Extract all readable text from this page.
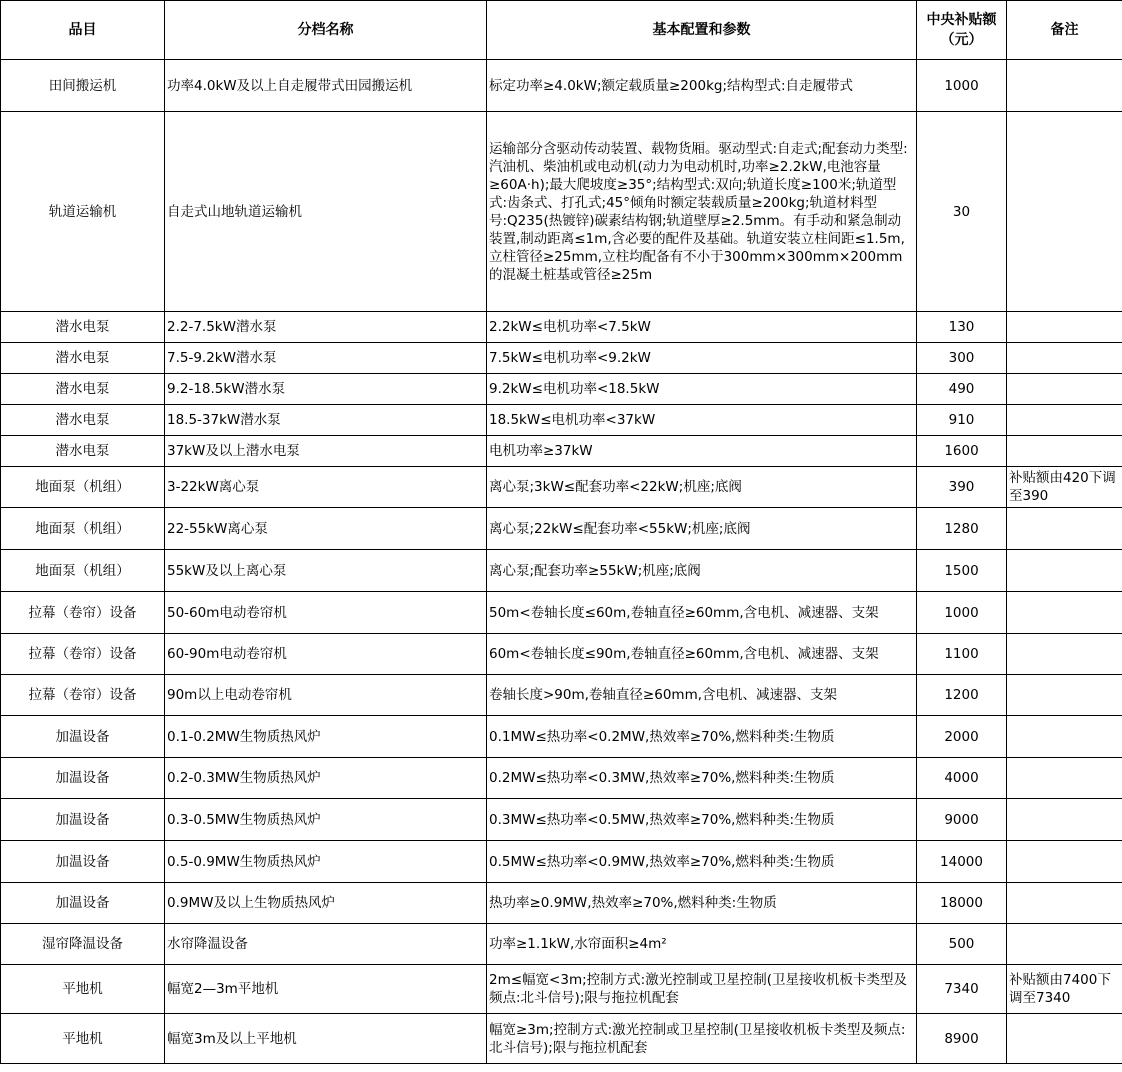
品目	分档名称	基本配置和参数	中央补贴额（元）	备注
田间搬运机	功率4.0kW及以上自走履带式田园搬运机	标定功率≥4.0kW;额定载质量≥200kg;结构型式:自走履带式	1000	
轨道运输机	自走式山地轨道运输机	运输部分含驱动传动装置、载物货厢。驱动型式:自走式;配套动力类型:汽油机、柴油机或电动机(动力为电动机时,功率≥2.2kW,电池容量≥60A·h);最大爬坡度≥35°;结构型式:双向;轨道长度≥100米;轨道型式:齿条式、打孔式;45°倾角时额定装载质量≥200kg;轨道材料型号:Q235(热镀锌)碳素结构钢;轨道壁厚≥2.5mm。有手动和紧急制动装置,制动距离≤1m,含必要的配件及基础。轨道安装立柱间距≤1.5m,立柱管径≥25mm,立柱均配备有不小于300mm×300mm×200mm的混凝土桩基或管径≥25m	30	
潜水电泵	2.2-7.5kW潜水泵	2.2kW≤电机功率<7.5kW	130	
潜水电泵	7.5-9.2kW潜水泵	7.5kW≤电机功率<9.2kW	300	
潜水电泵	9.2-18.5kW潜水泵	9.2kW≤电机功率<18.5kW	490	
潜水电泵	18.5-37kW潜水泵	18.5kW≤电机功率<37kW	910	
潜水电泵	37kW及以上潜水电泵	电机功率≥37kW	1600	
地面泵（机组）	3-22kW离心泵	离心泵;3kW≤配套功率<22kW;机座;底阀	390	补贴额由420下调至390
地面泵（机组）	22-55kW离心泵	离心泵;22kW≤配套功率<55kW;机座;底阀	1280	
地面泵（机组）	55kW及以上离心泵	离心泵;配套功率≥55kW;机座;底阀	1500	
拉幕（卷帘）设备	50-60m电动卷帘机	50m<卷轴长度≤60m,卷轴直径≥60mm,含电机、减速器、支架	1000	
拉幕（卷帘）设备	60-90m电动卷帘机	60m<卷轴长度≤90m,卷轴直径≥60mm,含电机、减速器、支架	1100	
拉幕（卷帘）设备	90m以上电动卷帘机	卷轴长度>90m,卷轴直径≥60mm,含电机、减速器、支架	1200	
加温设备	0.1-0.2MW生物质热风炉	0.1MW≤热功率<0.2MW,热效率≥70%,燃料种类:生物质	2000	
加温设备	0.2-0.3MW生物质热风炉	0.2MW≤热功率<0.3MW,热效率≥70%,燃料种类:生物质	4000	
加温设备	0.3-0.5MW生物质热风炉	0.3MW≤热功率<0.5MW,热效率≥70%,燃料种类:生物质	9000	
加温设备	0.5-0.9MW生物质热风炉	0.5MW≤热功率<0.9MW,热效率≥70%,燃料种类:生物质	14000	
加温设备	0.9MW及以上生物质热风炉	热功率≥0.9MW,热效率≥70%,燃料种类:生物质	18000	
湿帘降温设备	水帘降温设备	功率≥1.1kW,水帘面积≥4m²	500	
平地机	幅宽2—3m平地机	2m≤幅宽<3m;控制方式:激光控制或卫星控制(卫星接收机板卡类型及频点:北斗信号);限与拖拉机配套	7340	补贴额由7400下调至7340
平地机	幅宽3m及以上平地机	幅宽≥3m;控制方式:激光控制或卫星控制(卫星接收机板卡类型及频点:北斗信号);限与拖拉机配套	8900	
